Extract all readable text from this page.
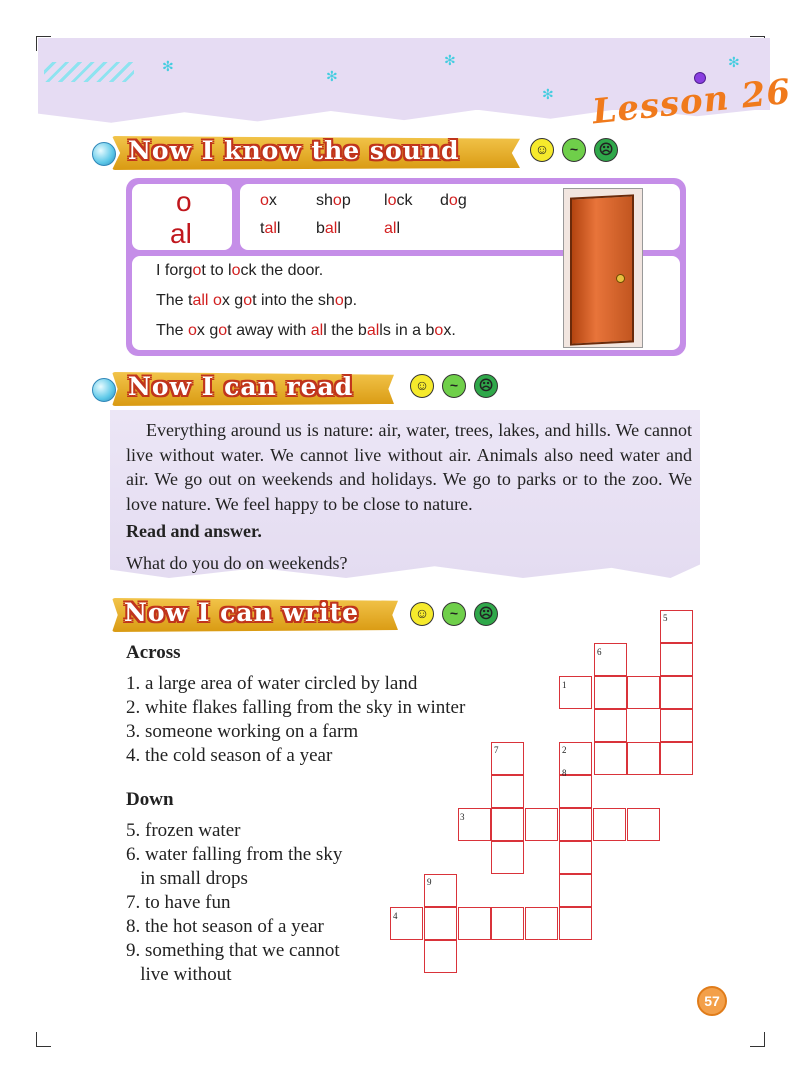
✻
✻
✻
✻
✻
Lesson 26
Now I know the sound	☺	~	☹
o
al
ox shop lock dog
tall ball	all
I forgot to lock the door.
The tall ox got into the shop.
The ox got away with all the balls in a box.
Now I can read	☺	~	☹
Everything around us is nature: air, water, trees, lakes, and hills. We cannot live without water. We cannot live without air. Animals also need water and air. We go out on weekends and holidays. We go to parks or to the zoo. We love nature. We feel happy to be close to nature.
Read and answer.
What do you do on weekends?
Now I can write	☺	~	☹
Across
1. a large area of water circled by land
2. white flakes falling from the sky in winter
3. someone working on a farm
4. the cold season of a year
Down
5. frozen water
6. water falling from the sky
in small drops
7. to have fun
8. the hot season of a year
9. something that we cannot
live without
1
2
3
4
5
6
7
8
9
57
